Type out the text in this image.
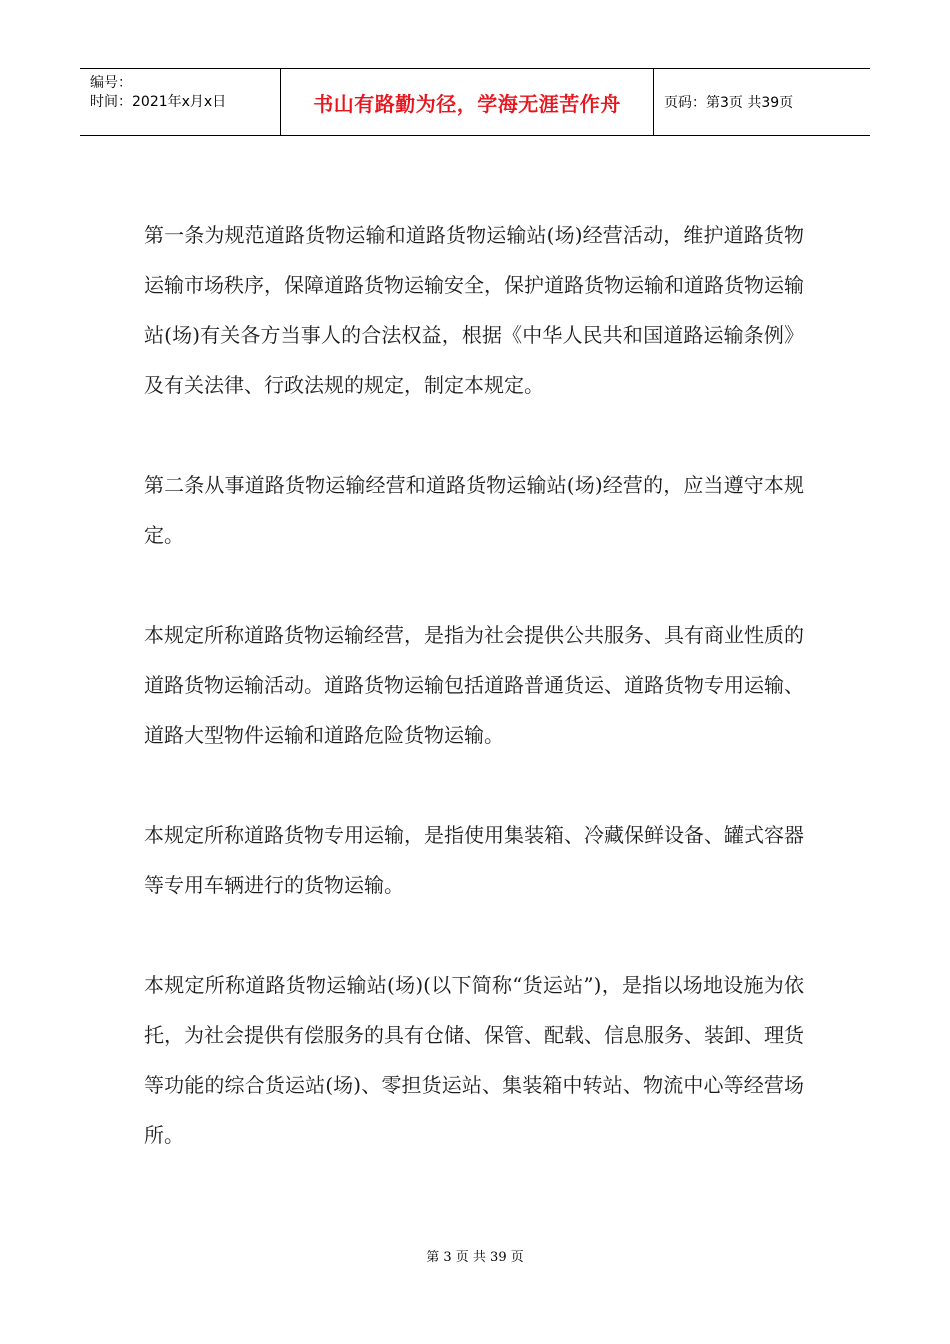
编号：
时间：2021年x月x日	书山有路勤为径，学海无涯苦作舟	页码：第3页 共39页

第一条为规范道路货物运输和道路货物运输站(场)经营活动，维护道路货物运输市场秩序，保障道路货物运输安全，保护道路货物运输和道路货物运输站(场)有关各方当事人的合法权益，根据《中华人民共和国道路运输条例》及有关法律、行政法规的规定，制定本规定。

第二条从事道路货物运输经营和道路货物运输站(场)经营的，应当遵守本规定。

本规定所称道路货物运输经营，是指为社会提供公共服务、具有商业性质的道路货物运输活动。道路货物运输包括道路普通货运、道路货物专用运输、道路大型物件运输和道路危险货物运输。

本规定所称道路货物专用运输，是指使用集装箱、冷藏保鲜设备、罐式容器等专用车辆进行的货物运输。

本规定所称道路货物运输站(场)(以下简称“货运站”)，是指以场地设施为依托，为社会提供有偿服务的具有仓储、保管、配载、信息服务、装卸、理货等功能的综合货运站(场)、零担货运站、集装箱中转站、物流中心等经营场所。

第 3 页 共 39 页
